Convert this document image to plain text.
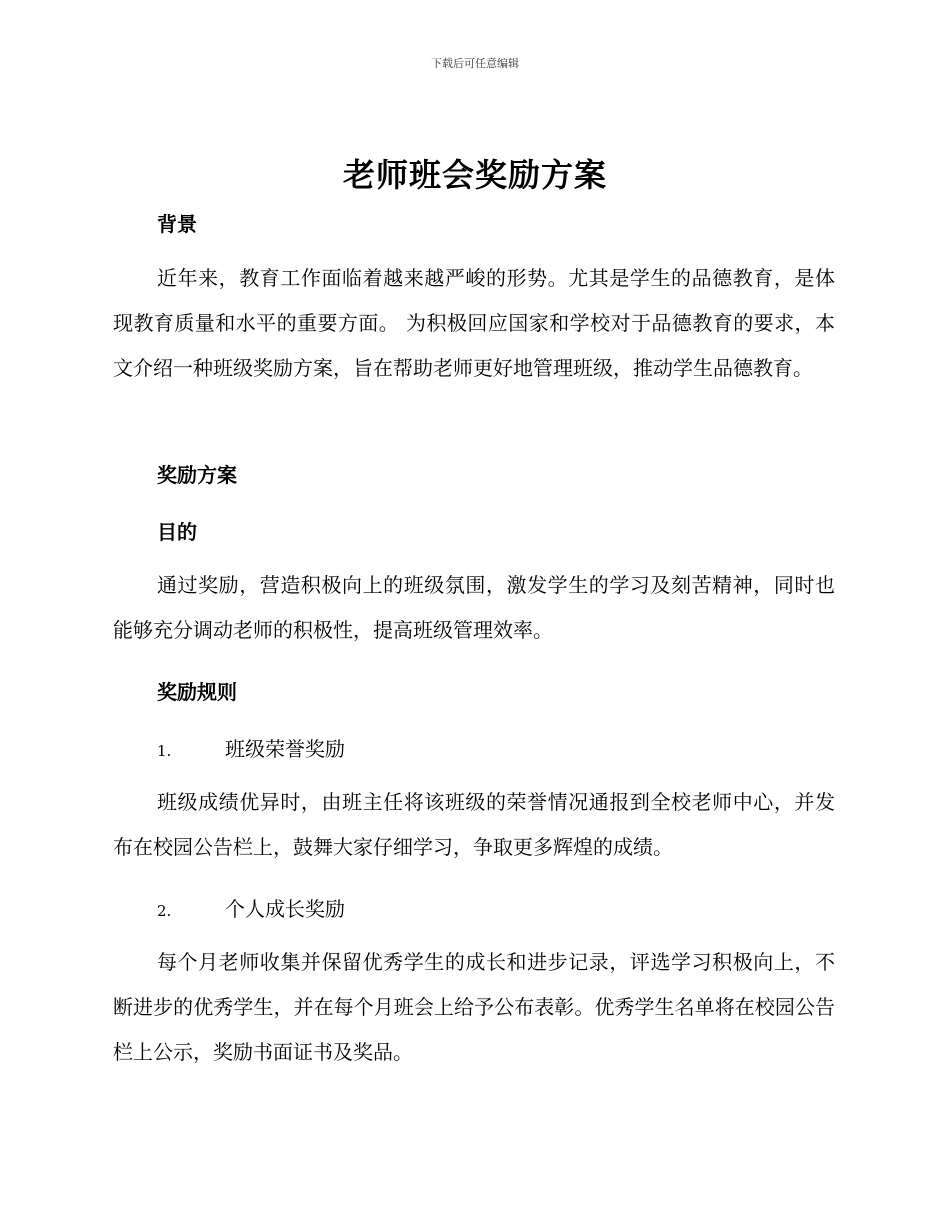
下载后可任意编辑
老师班会奖励方案
背景

近年来，教育工作面临着越来越严峻的形势。尤其是学生的品德教育，是体现教育质量和水平的重要方面。 为积极回应国家和学校对于品德教育的要求，本文介绍一种班级奖励方案，旨在帮助老师更好地管理班级，推动学生品德教育。

奖励方案
目的

通过奖励，营造积极向上的班级氛围，激发学生的学习及刻苦精神，同时也能够充分调动老师的积极性，提高班级管理效率。

奖励规则
1.	班级荣誉奖励

班级成绩优异时，由班主任将该班级的荣誉情况通报到全校老师中心，并发布在校园公告栏上，鼓舞大家仔细学习，争取更多辉煌的成绩。

2.	个人成长奖励

每个月老师收集并保留优秀学生的成长和进步记录，评选学习积极向上，不断进步的优秀学生，并在每个月班会上给予公布表彰。优秀学生名单将在校园公告栏上公示，奖励书面证书及奖品。
